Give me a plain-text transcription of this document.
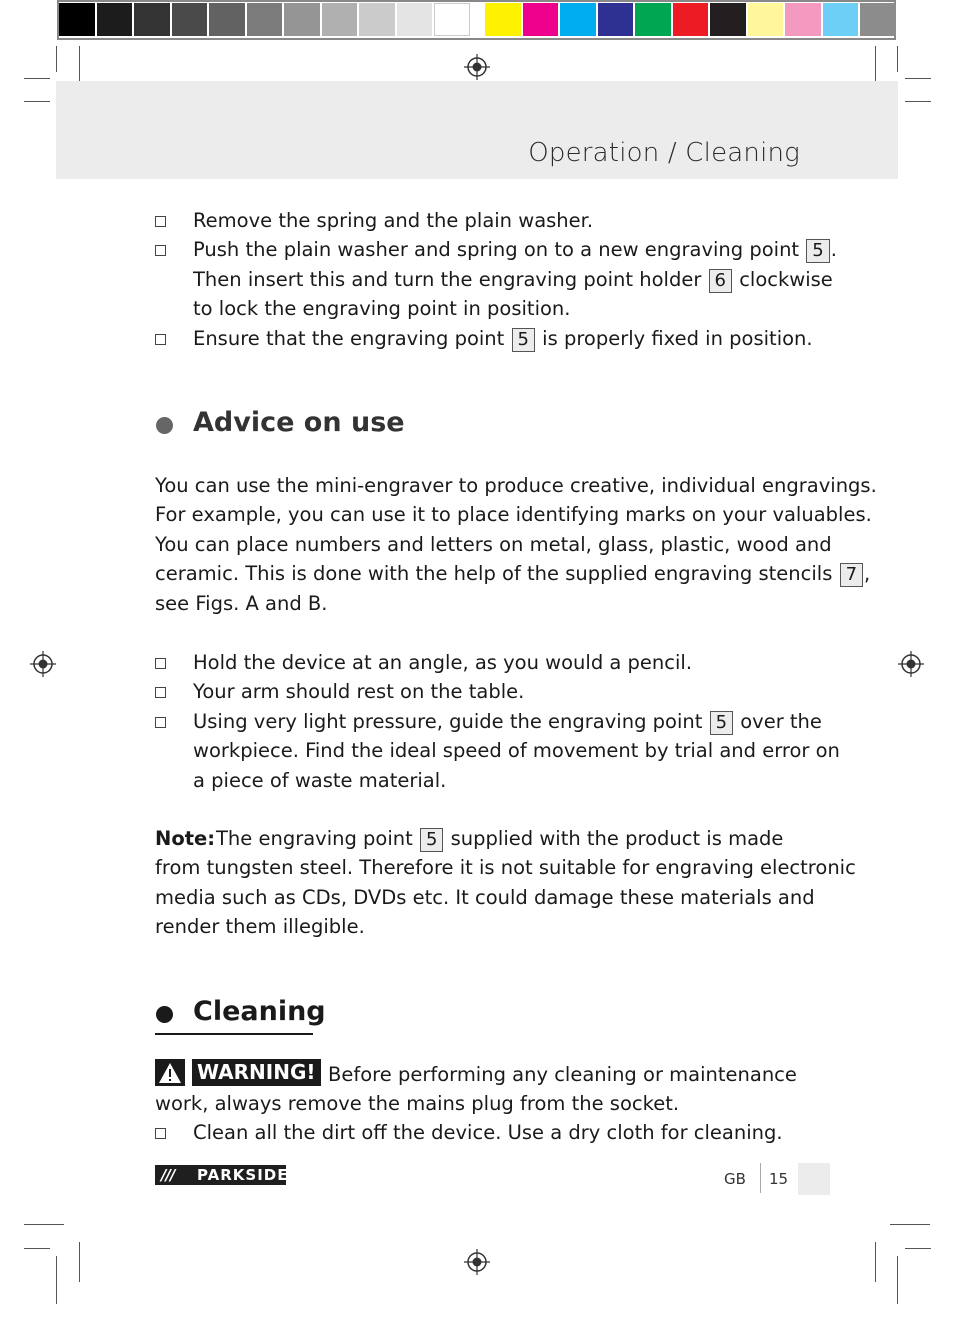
Operation / Cleaning
Remove the spring and the plain washer.
Push the plain washer and spring on to a new engraving point 5 .
Then insert this and turn the engraving point holder 6 clockwise
to lock the engraving point in position.
Ensure that the engraving point 5 is properly fixed in position.
Advice on use
You can use the mini-engraver to produce creative, individual engravings.
For example, you can use it to place identifying marks on your valuables.
You can place numbers and letters on metal, glass, plastic, wood and
ceramic. This is done with the help of the supplied engraving stencils 7 ,
see Figs. A and B.
Hold the device at an angle, as you would a pencil.
Your arm should rest on the table.
Using very light pressure, guide the engraving point 5 over the
workpiece. Find the ideal speed of movement by trial and error on
a piece of waste material.
Note: The engraving point 5 supplied with the product is made
from tungsten steel. Therefore it is not suitable for engraving electronic
media such as CDs, DVDs etc. It could damage these materials and
render them illegible.
Cleaning
WARNING! Before performing any cleaning or maintenance
work, always remove the mains plug from the socket.
Clean all the dirt off the device. Use a dry cloth for cleaning.
/// PARKSIDE	GB 15
